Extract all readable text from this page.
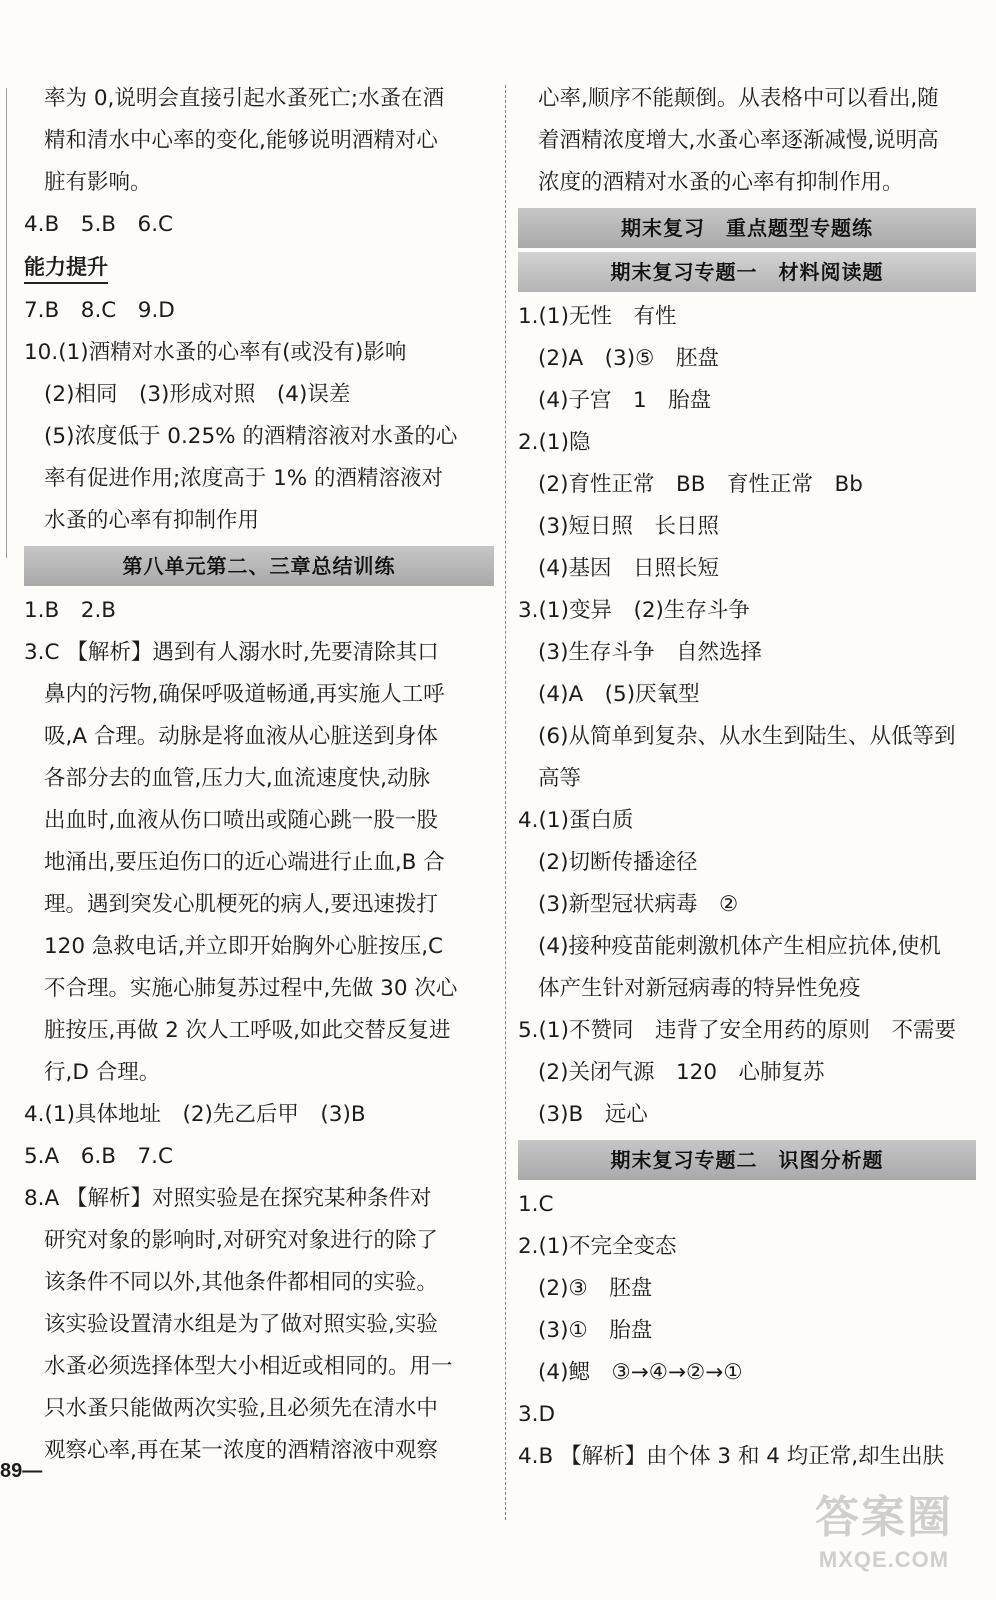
率为 0,说明会直接引起水蚤死亡;水蚤在酒

精和清水中心率的变化,能够说明酒精对心

脏有影响。

4.B　5.B　6.C

能力提升

7.B　8.C　9.D

10.(1)酒精对水蚤的心率有(或没有)影响

(2)相同　(3)形成对照　(4)误差

(5)浓度低于 0.25% 的酒精溶液对水蚤的心

率有促进作用;浓度高于 1% 的酒精溶液对

水蚤的心率有抑制作用

第八单元第二、三章总结训练

1.B　2.B

3.C 【解析】遇到有人溺水时,先要清除其口

鼻内的污物,确保呼吸道畅通,再实施人工呼

吸,A 合理。动脉是将血液从心脏送到身体

各部分去的血管,压力大,血流速度快,动脉

出血时,血液从伤口喷出或随心跳一股一股

地涌出,要压迫伤口的近心端进行止血,B 合

理。遇到突发心肌梗死的病人,要迅速拨打

120 急救电话,并立即开始胸外心脏按压,C

不合理。实施心肺复苏过程中,先做 30 次心

脏按压,再做 2 次人工呼吸,如此交替反复进

行,D 合理。

4.(1)具体地址　(2)先乙后甲　(3)B

5.A　6.B　7.C

8.A 【解析】对照实验是在探究某种条件对

研究对象的影响时,对研究对象进行的除了

该条件不同以外,其他条件都相同的实验。

该实验设置清水组是为了做对照实验,实验

水蚤必须选择体型大小相近或相同的。用一

只水蚤只能做两次实验,且必须先在清水中

观察心率,再在某一浓度的酒精溶液中观察

89—

心率,顺序不能颠倒。从表格中可以看出,随

着酒精浓度增大,水蚤心率逐渐减慢,说明高

浓度的酒精对水蚤的心率有抑制作用。

期末复习　重点题型专题练
期末复习专题一　材料阅读题

1.(1)无性　有性

(2)A　(3)⑤　胚盘

(4)子宫　1　胎盘

2.(1)隐

(2)育性正常　BB　育性正常　Bb

(3)短日照　长日照

(4)基因　日照长短

3.(1)变异　(2)生存斗争

(3)生存斗争　自然选择

(4)A　(5)厌氧型

(6)从简单到复杂、从水生到陆生、从低等到

高等

4.(1)蛋白质

(2)切断传播途径

(3)新型冠状病毒　②

(4)接种疫苗能刺激机体产生相应抗体,使机

体产生针对新冠病毒的特异性免疫

5.(1)不赞同　违背了安全用药的原则　不需要

(2)关闭气源　120　心肺复苏

(3)B　远心

期末复习专题二　识图分析题

1.C

2.(1)不完全变态

(2)③　胚盘

(3)①　胎盘

(4)鳃　③→④→②→①

3.D

4.B 【解析】由个体 3 和 4 均正常,却生出肤

答案圈
MXQE.COM
